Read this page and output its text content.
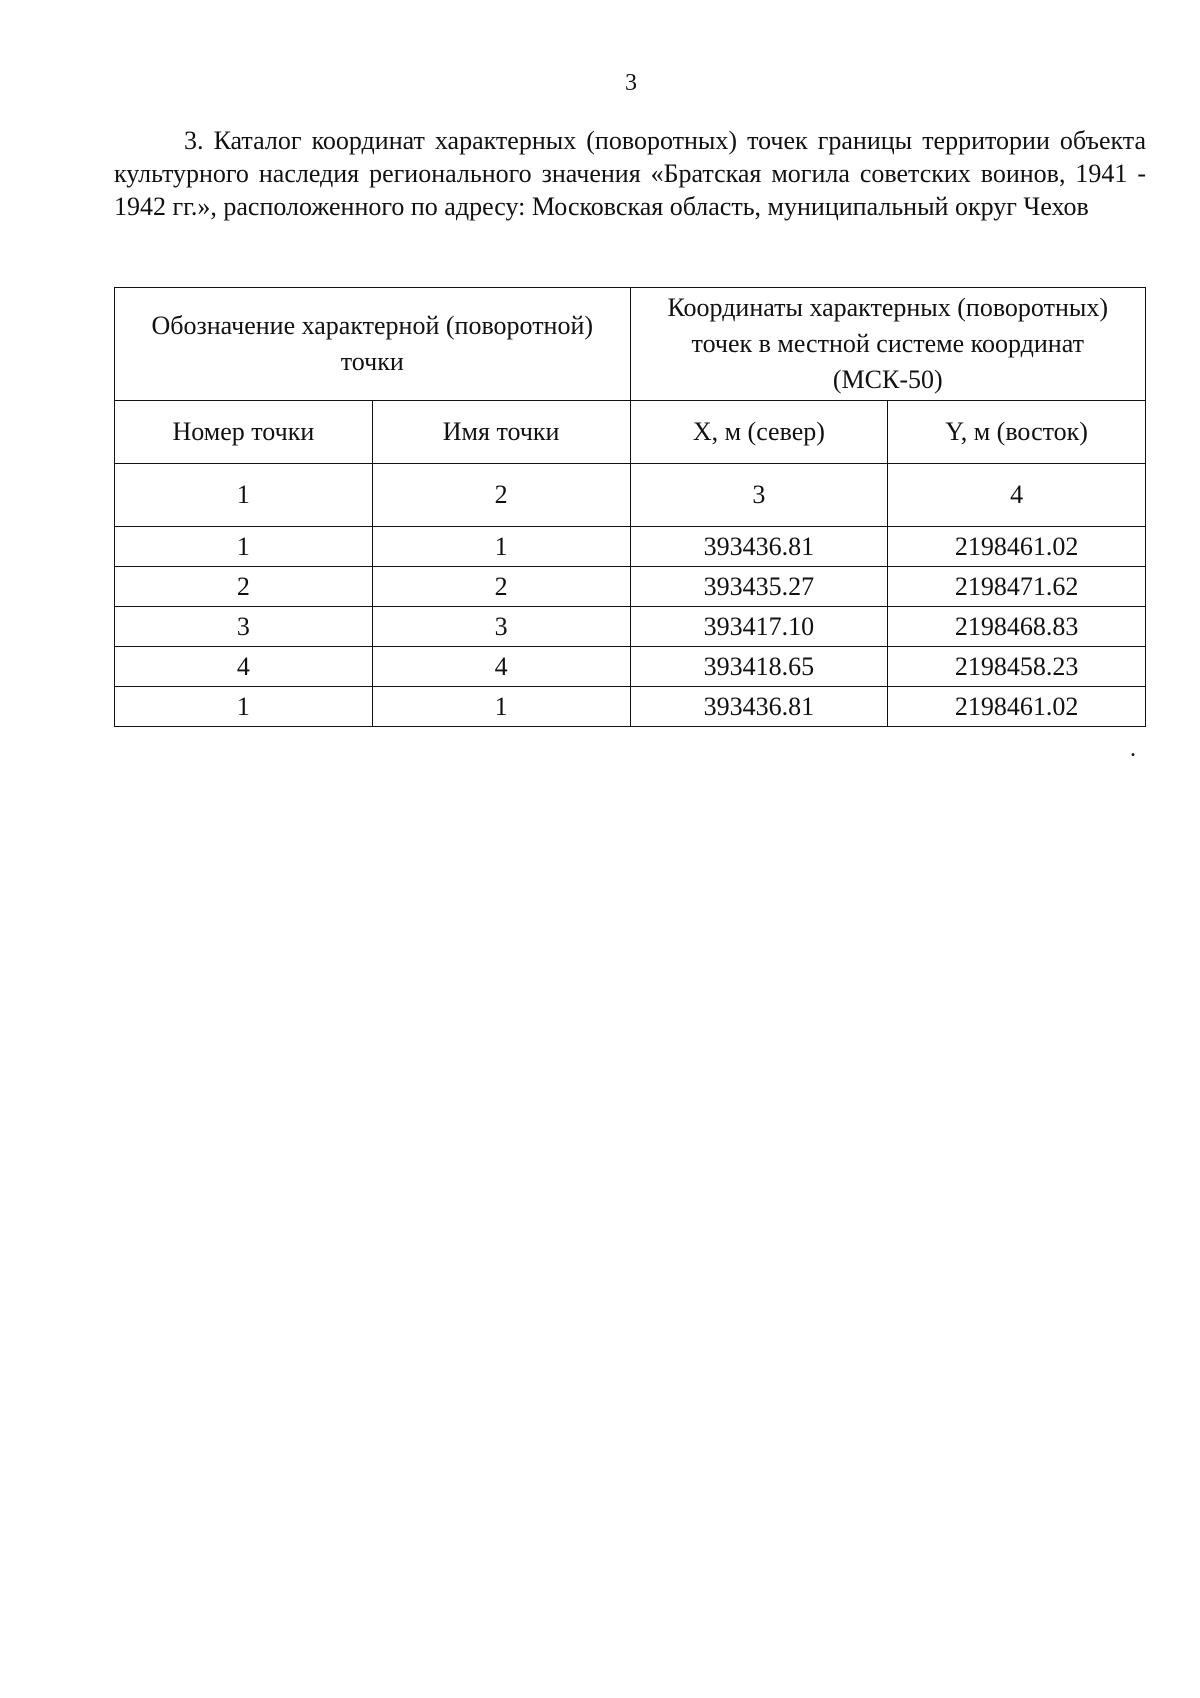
3
3. Каталог координат характерных (поворотных) точек границы территории объекта культурного наследия регионального значения «Братская могила советских воинов, 1941 - 1942 гг.», расположенного по адресу: Московская область, муниципальный округ Чехов
Обозначение характерной (поворотной) точки		Координаты характерных (поворотных) точек в местной системе координат (МСК-50)	
Номер точки	Имя точки	X, м (север)	Y, м (восток)
1	2	3	4
1	1	393436.81	2198461.02
2	2	393435.27	2198471.62
3	3	393417.10	2198468.83
4	4	393418.65	2198458.23
1	1	393436.81	2198461.02
.
